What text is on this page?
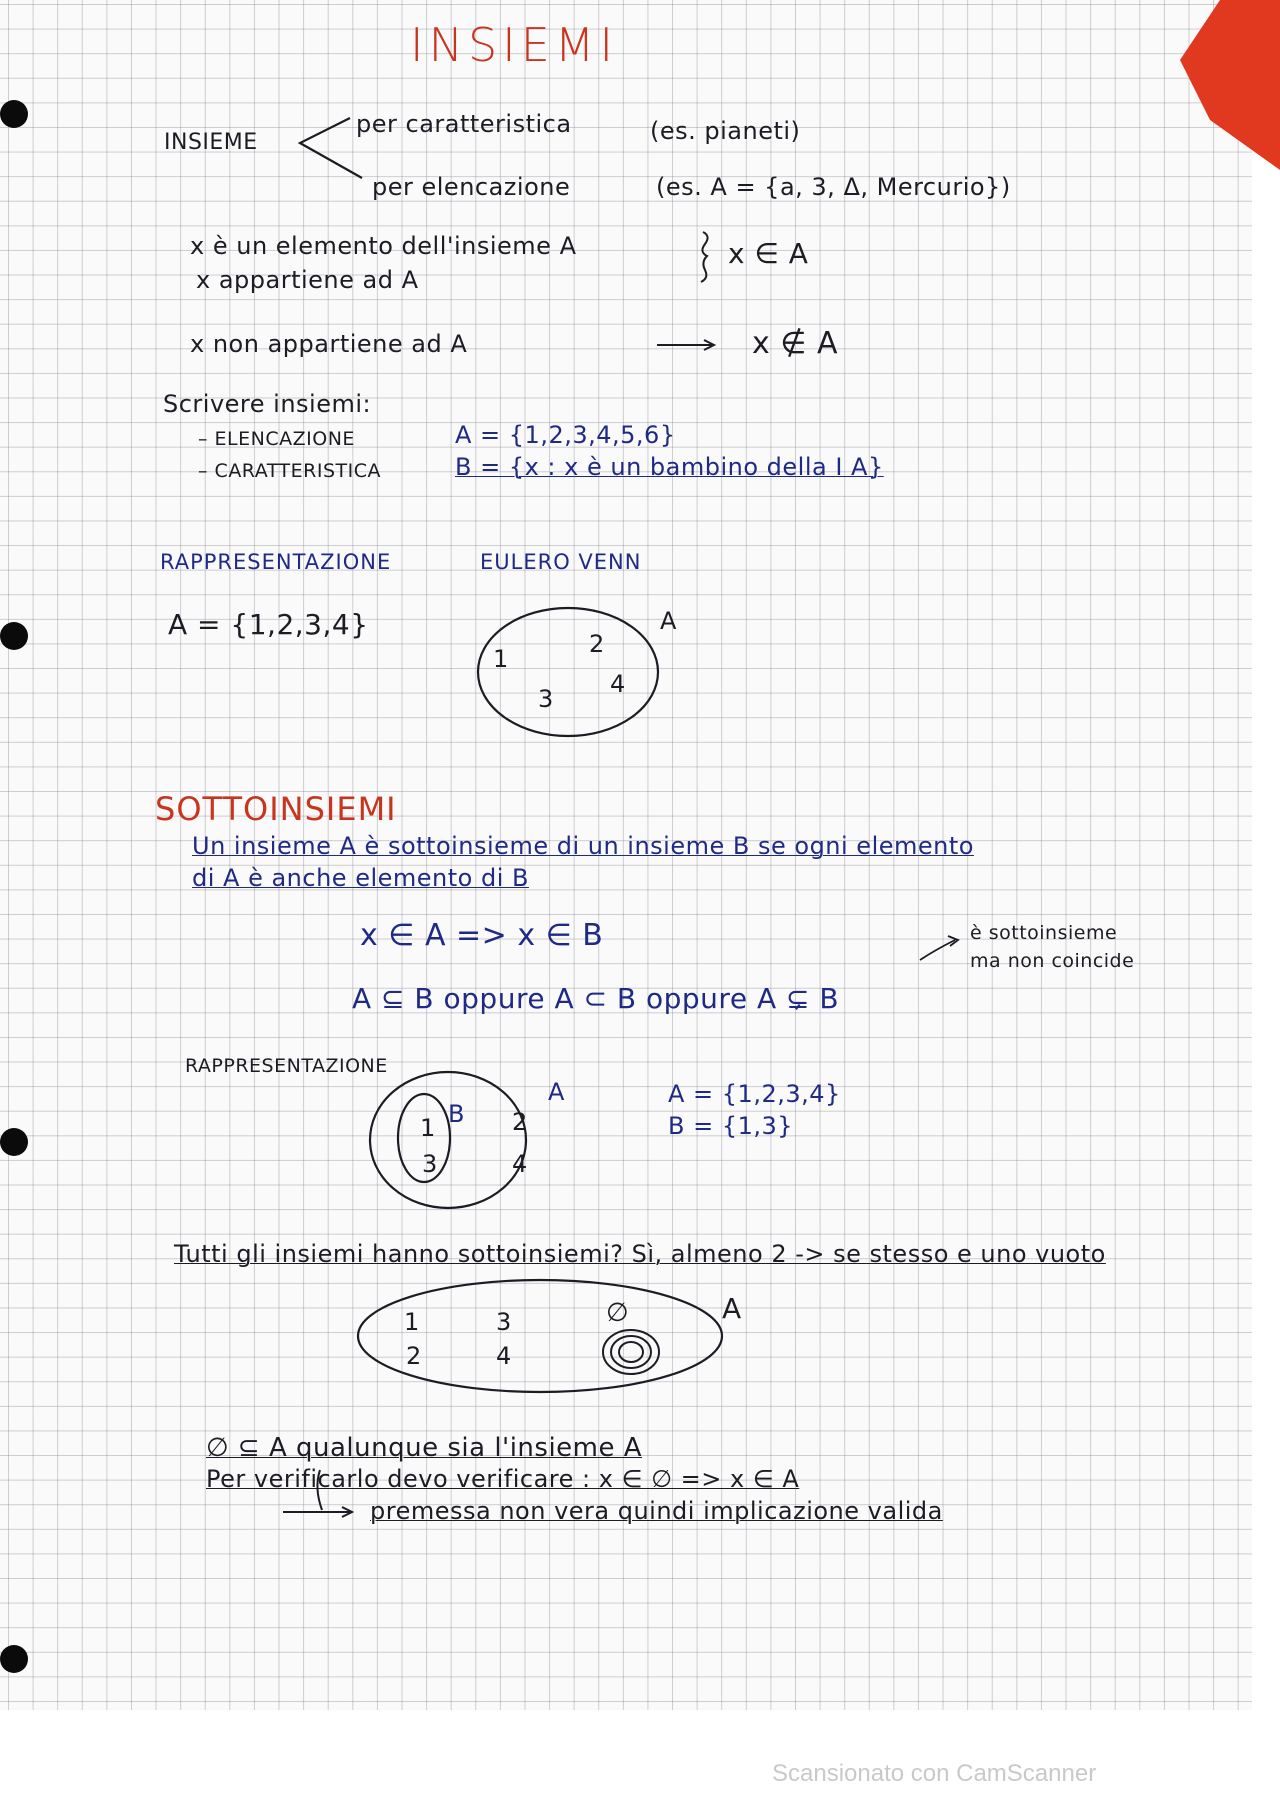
INSIEMI
INSIEME
per caratteristica	(es. pianeti)
per elencazione	(es. A = {a, 3, Δ, Mercurio})
x è un elemento dell'insieme A
x appartiene ad A
x ∈ A
x non appartiene ad A	x ∉ A
Scrivere insiemi:
– ELENCAZIONE	A = {1,2,3,4,5,6}
– CARATTERISTICA	B = {x : x è un bambino della I A}
RAPPRESENTAZIONE	EULERO VENN
A = {1,2,3,4}	A
1
2
3
4
SOTTOINSIEMI
Un insieme A è sottoinsieme di un insieme B se ogni elemento
di A è anche elemento di B
x ∈ A => x ∈ B	è sottoinsieme
ma non coincide
A ⊆ B oppure A ⊂ B oppure A ⊊ B
RAPPRESENTAZIONE
A
B
1
3
2
4
A = {1,2,3,4}
B = {1,3}
Tutti gli insiemi hanno sottoinsiemi? Sì, almeno 2 -> se stesso e uno vuoto
A
1
2
3
4
∅
∅ ⊆ A qualunque sia l'insieme A
Per verificarlo devo verificare : x ∈ ∅ => x ∈ A
premessa non vera quindi implicazione valida
Scansionato con CamScanner
